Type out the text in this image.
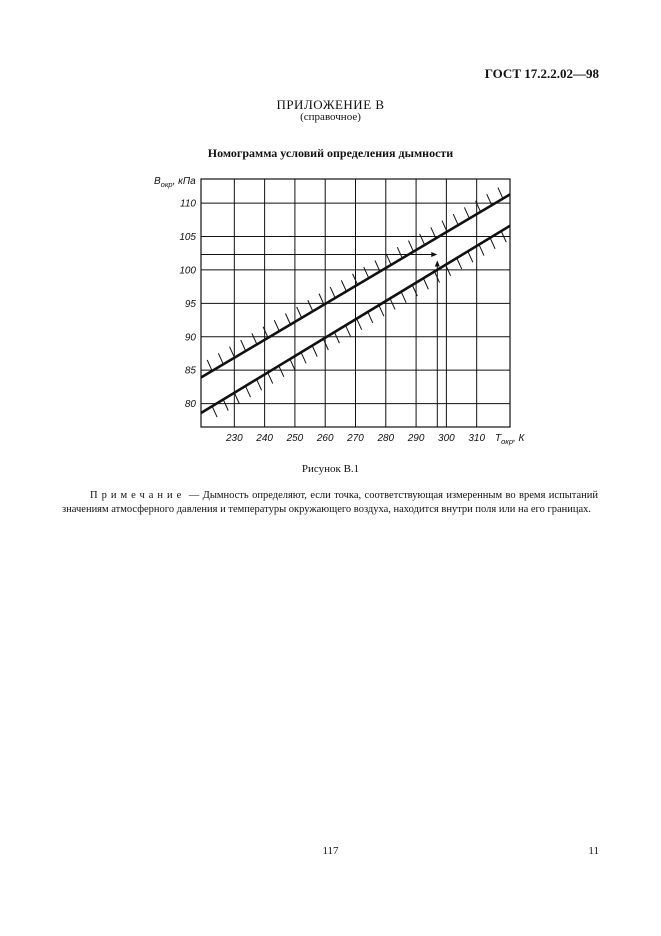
ГОСТ 17.2.2.02—98
ПРИЛОЖЕНИЕ В
(справочное)
Номограмма условий определения дымности
230 240 250 260 270 280 290 300 310
80
85
90
95
100
105
110
$B_{окр}$, кПа
$T_{окр}$, К
Рисунок В.1
Примечание — Дымность определяют, если точка, соответствующая измеренным во время испытаний значениям атмосферного давления и температуры окружающего воздуха, находится внутри поля или на его границах.
117	11
